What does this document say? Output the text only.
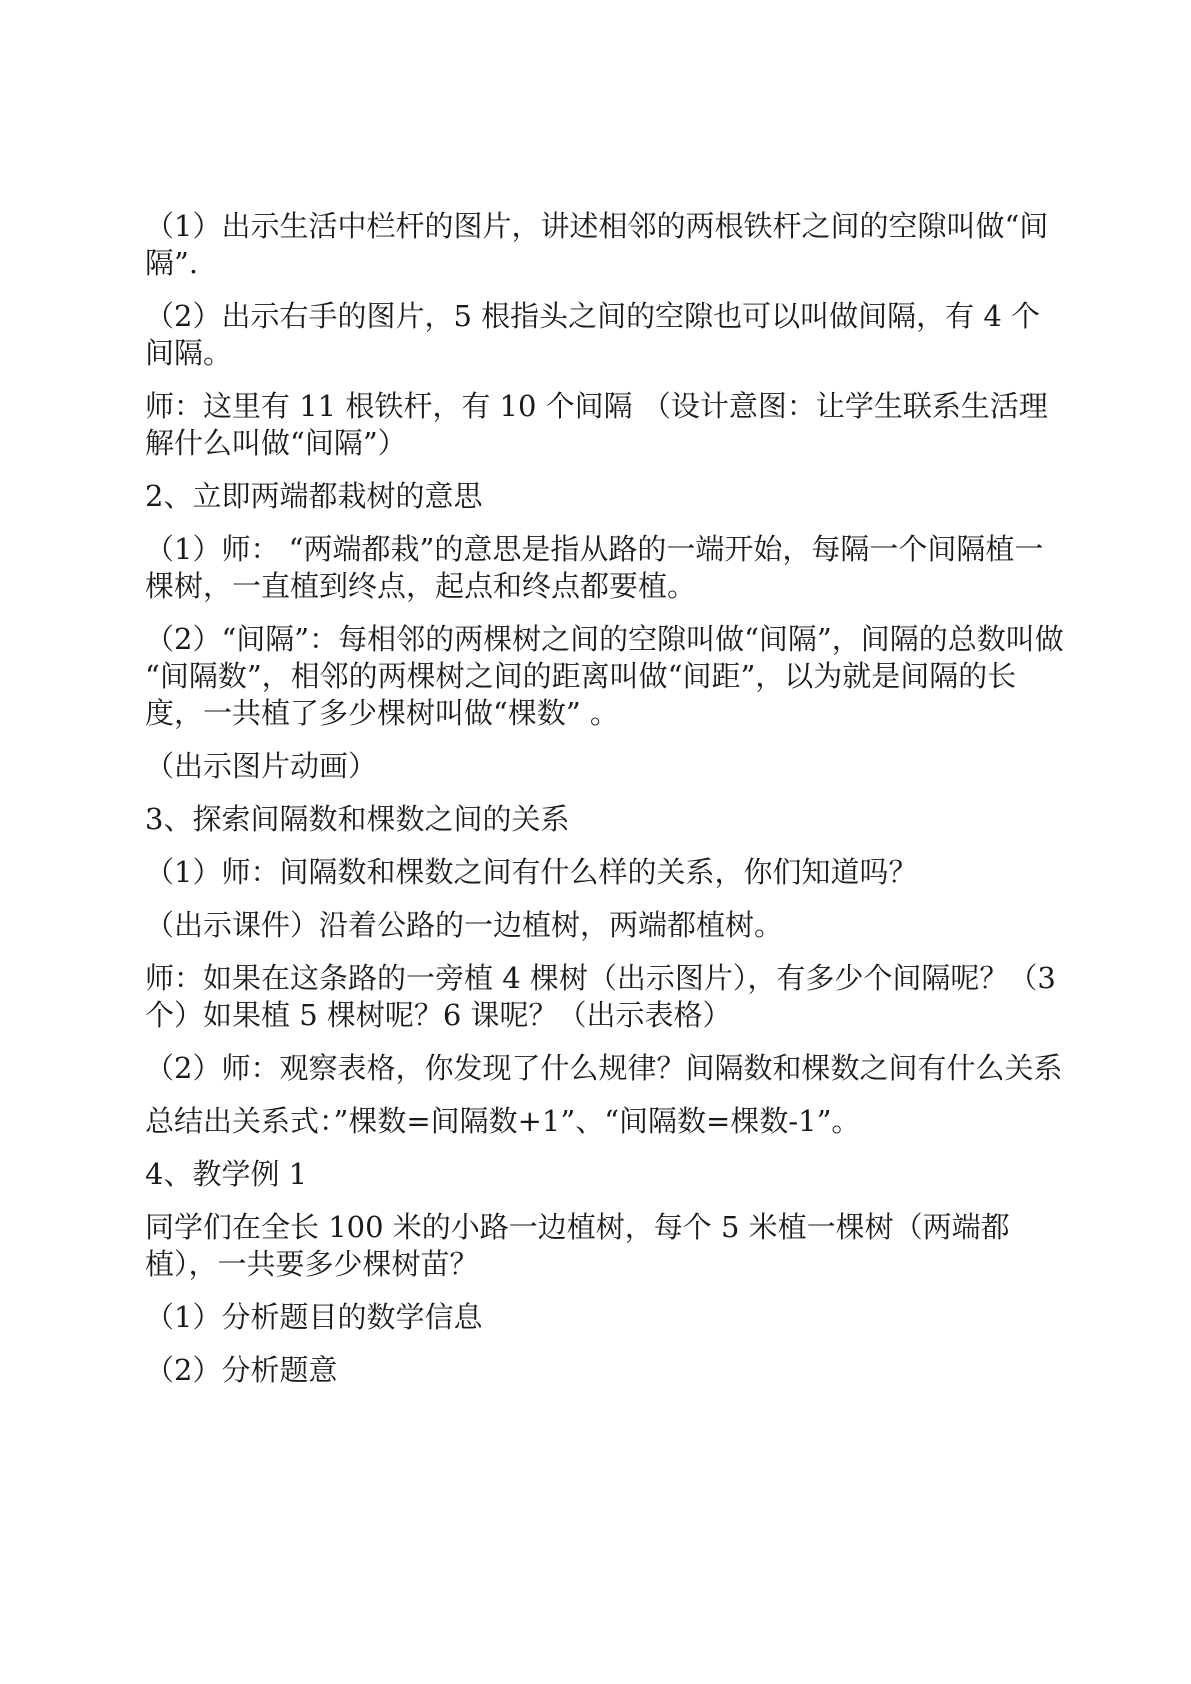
（1）出示生活中栏杆的图片，讲述相邻的两根铁杆之间的空隙叫做“间隔”.

（2）出示右手的图片，5 根指头之间的空隙也可以叫做间隔，有 4 个间隔。

师：这里有 11 根铁杆，有 10 个间隔 （设计意图：让学生联系生活理解什么叫做“间隔”）

2、立即两端都栽树的意思

（1）师： “两端都栽”的意思是指从路的一端开始，每隔一个间隔植一棵树，一直植到终点，起点和终点都要植。

（2）“间隔”：每相邻的两棵树之间的空隙叫做“间隔”，间隔的总数叫做 “间隔数”，相邻的两棵树之间的距离叫做“间距”，以为就是间隔的长度，一共植了多少棵树叫做“棵数” 。

（出示图片动画）

3、探索间隔数和棵数之间的关系

（1）师：间隔数和棵数之间有什么样的关系，你们知道吗？

（出示课件）沿着公路的一边植树，两端都植树。

师：如果在这条路的一旁植 4 棵树（出示图片），有多少个间隔呢？（3 个）如果植 5 棵树呢？6 课呢？（出示表格）

（2）师：观察表格，你发现了什么规律？间隔数和棵数之间有什么关系

总结出关系式：”棵数=间隔数+1”、“间隔数=棵数-1”。

4、教学例 1

同学们在全长 100 米的小路一边植树，每个 5 米植一棵树（两端都植），一共要多少棵树苗？

（1）分析题目的数学信息

（2）分析题意
